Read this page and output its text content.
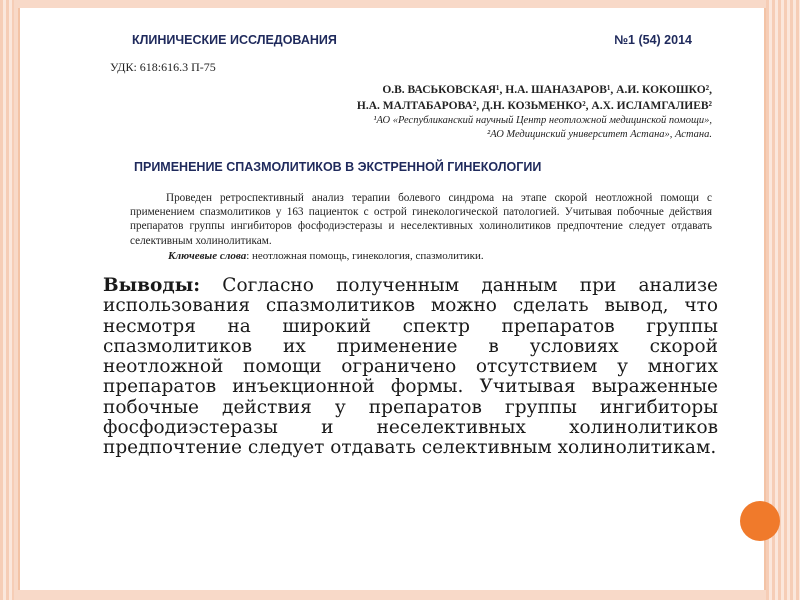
КЛИНИЧЕСКИЕ ИССЛЕДОВАНИЯ	№1 (54) 2014
УДК: 618:616.3 П-75
О.В. ВАСЬКОВСКАЯ¹, Н.А. ШАНАЗАРОВ¹, А.И. КОКОШКО²,
Н.А. МАЛТАБАРОВА², Д.Н. КОЗЬМЕНКО², А.Х. ИСЛАМГАЛИЕВ²
¹АО «Республиканский научный Центр неотложной медицинской помощи»,
²АО Медицинский университет Астана», Астана.
ПРИМЕНЕНИЕ СПАЗМОЛИТИКОВ В ЭКСТРЕННОЙ ГИНЕКОЛОГИИ

Проведен ретроспективный анализ терапии болевого синдрома на этапе скорой неотложной помощи с применением спазмолитиков у 163 пациенток с острой гинекологической патологией. Учитывая побочные действия препаратов группы ингибиторов фосфодиэстеразы и неселективных холинолитиков предпочтение следует отдавать селективным холинолитикам.

Ключевые слова: неотложная помощь, гинекология, спазмолитики.
Выводы: Согласно полученным данным при анализе использования спазмолитиков можно сделать вывод, что несмотря на широкий спектр препаратов группы спазмолитиков их применение в условиях скорой неотложной помощи ограничено отсутствием у многих препаратов инъекционной формы. Учитывая выраженные побочные действия у препаратов группы ингибиторы фосфодиэстеразы и неселективных холинолитиков предпочтение следует отдавать селективным холинолитикам.
